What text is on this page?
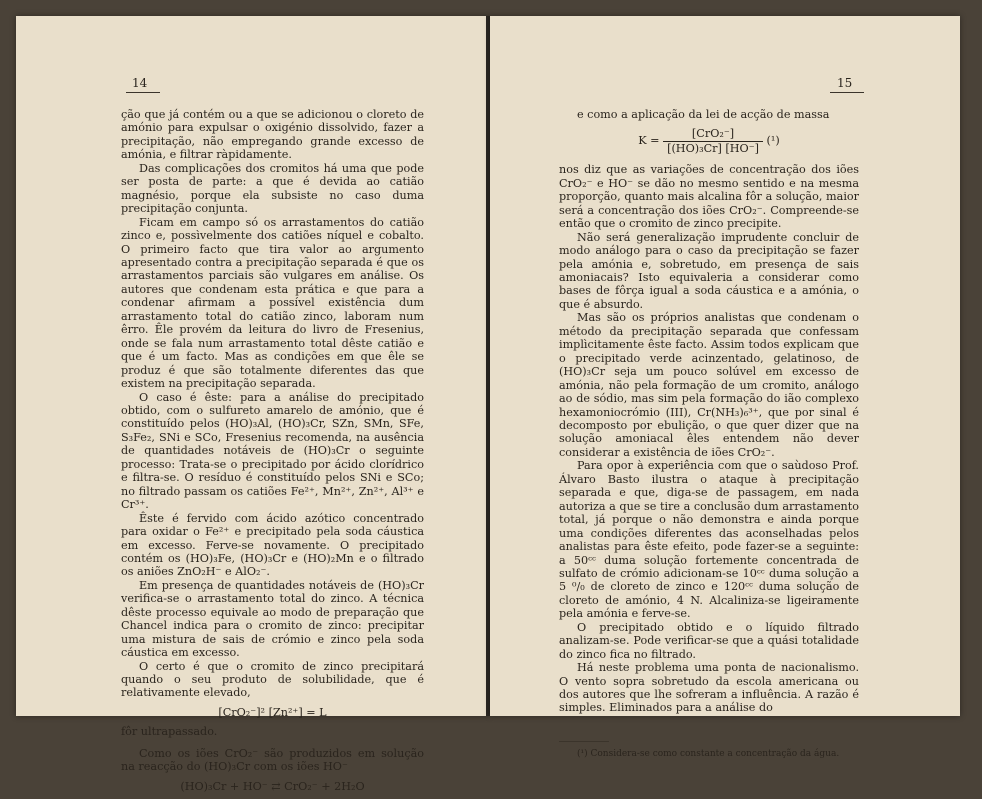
14

ção que já contém ou a que se adicionou o cloreto de amónio para expulsar o oxigénio dissolvido, fazer a precipitação, não empregando grande excesso de amónia, e filtrar ràpidamente.

Das complicações dos cromitos há uma que pode ser posta de parte: a que é devida ao catião magnésio, porque ela subsiste no caso duma precipitação conjunta.

Ficam em campo só os arrastamentos do catião zinco e, possìvelmente dos catiões níquel e cobalto. O primeiro facto que tira valor ao argumento apresentado contra a precipitação separada é que os arrastamentos parciais são vulgares em análise. Os autores que condenam esta prática e que para a condenar afirmam a possível existência dum arrastamento total do catião zinco, laboram num êrro. Êle provém da leitura do livro de Fresenius, onde se fala num arrastamento total dêste catião e que é um facto. Mas as condições em que êle se produz é que são totalmente diferentes das que existem na precipitação separada.

O caso é êste: para a análise do precipitado obtido, com o sulfureto amarelo de amónio, que é constituído pelos (HO)₃Al, (HO)₃Cr, SZn, SMn, SFe, S₃Fe₂, SNi e SCo, Fresenius recomenda, na ausência de quantidades notáveis de (HO)₃Cr o seguinte processo: Trata-se o precipitado por ácido clorídrico e filtra-se. O resíduo é constituído pelos SNi e SCo; no filtrado passam os catiões Fe²⁺, Mn²⁺, Zn²⁺, Al³⁺ e Cr³⁺.

Êste é fervido com ácido azótico concentrado para oxidar o Fe²⁺ e precipitado pela soda cáustica em excesso. Ferve-se novamente. O precipitado contém os (HO)₃Fe, (HO)₃Cr e (HO)₂Mn e o filtrado os aniões ZnO₂H⁻ e AlO₂⁻.

Em presença de quantidades notáveis de (HO)₃Cr verifica-se o arrastamento total do zinco. A técnica dêste processo equivale ao modo de preparação que Chancel indica para o cromito de zinco: precipitar uma mistura de sais de crómio e zinco pela soda cáustica em excesso.

O certo é que o cromito de zinco precipitará quando o seu produto de solubilidade, que é relativamente elevado,

[CrO₂⁻]² [Zn²⁺] = L

fôr ultrapassado.

Como os iões CrO₂⁻ são produzidos em solução na reacção do (HO)₃Cr com os iões HO⁻

(HO)₃Cr + HO⁻ ⇄ CrO₂⁻ + 2H₂O

15

e como a aplicação da lei de acção de massa

$K = \frac{\text{[CrO₂⁻]}}{\text{[(HO)₃Cr] [HO⁻]}} (^1)$

nos diz que as variações de concentração dos iões CrO₂⁻ e HO⁻ se dão no mesmo sentido e na mesma proporção, quanto mais alcalina fôr a solução, maior será a concentração dos iões CrO₂⁻. Compreende-se então que o cromito de zinco precipite.

Não será generalização imprudente concluir de modo análogo para o caso da precipitação se fazer pela amónia e, sobretudo, em presença de sais amoniacais? Isto equivaleria a considerar como bases de fôrça igual a soda cáustica e a amónia, o que é absurdo.

Mas são os próprios analistas que condenam o método da precipitação separada que confessam implìcitamente êste facto. Assim todos explicam que o precipitado verde acinzentado, gelatinoso, de (HO)₃Cr seja um pouco solúvel em excesso de amónia, não pela formação de um cromito, análogo ao de sódio, mas sim pela formação do ião complexo hexamoniocrómio (III), Cr(NH₃)₆³⁺, que por sinal é decomposto por ebulição, o que quer dizer que na solução amoniacal êles entendem não dever considerar a existência de iões CrO₂⁻.

Para opor à experiência com que o saùdoso Prof. Álvaro Basto ilustra o ataque à precipitação separada e que, diga-se de passagem, em nada autoriza a que se tire a conclusão dum arrastamento total, já porque o não demonstra e ainda porque uma condições diferentes das aconselhadas pelos analistas para êste efeito, pode fazer-se a seguinte: a 50ᶜᶜ duma solução fortemente concentrada de sulfato de crómio adicionam-se 10ᶜᶜ duma solução a 5 ⁰/₀ de cloreto de zinco e 120ᶜᶜ duma solução de cloreto de amónio, 4 N. Alcaliniza-se ligeiramente pela amónia e ferve-se.

O precipitado obtido e o líquido filtrado analizam-se. Pode verificar-se que a quási totalidade do zinco fica no filtrado.

Há neste problema uma ponta de nacionalismo. O vento sopra sobretudo da escola americana ou dos autores que lhe sofreram a influência. A razão é simples. Eliminados para a análise do

(¹) Considera-se como constante a concentração da água.
